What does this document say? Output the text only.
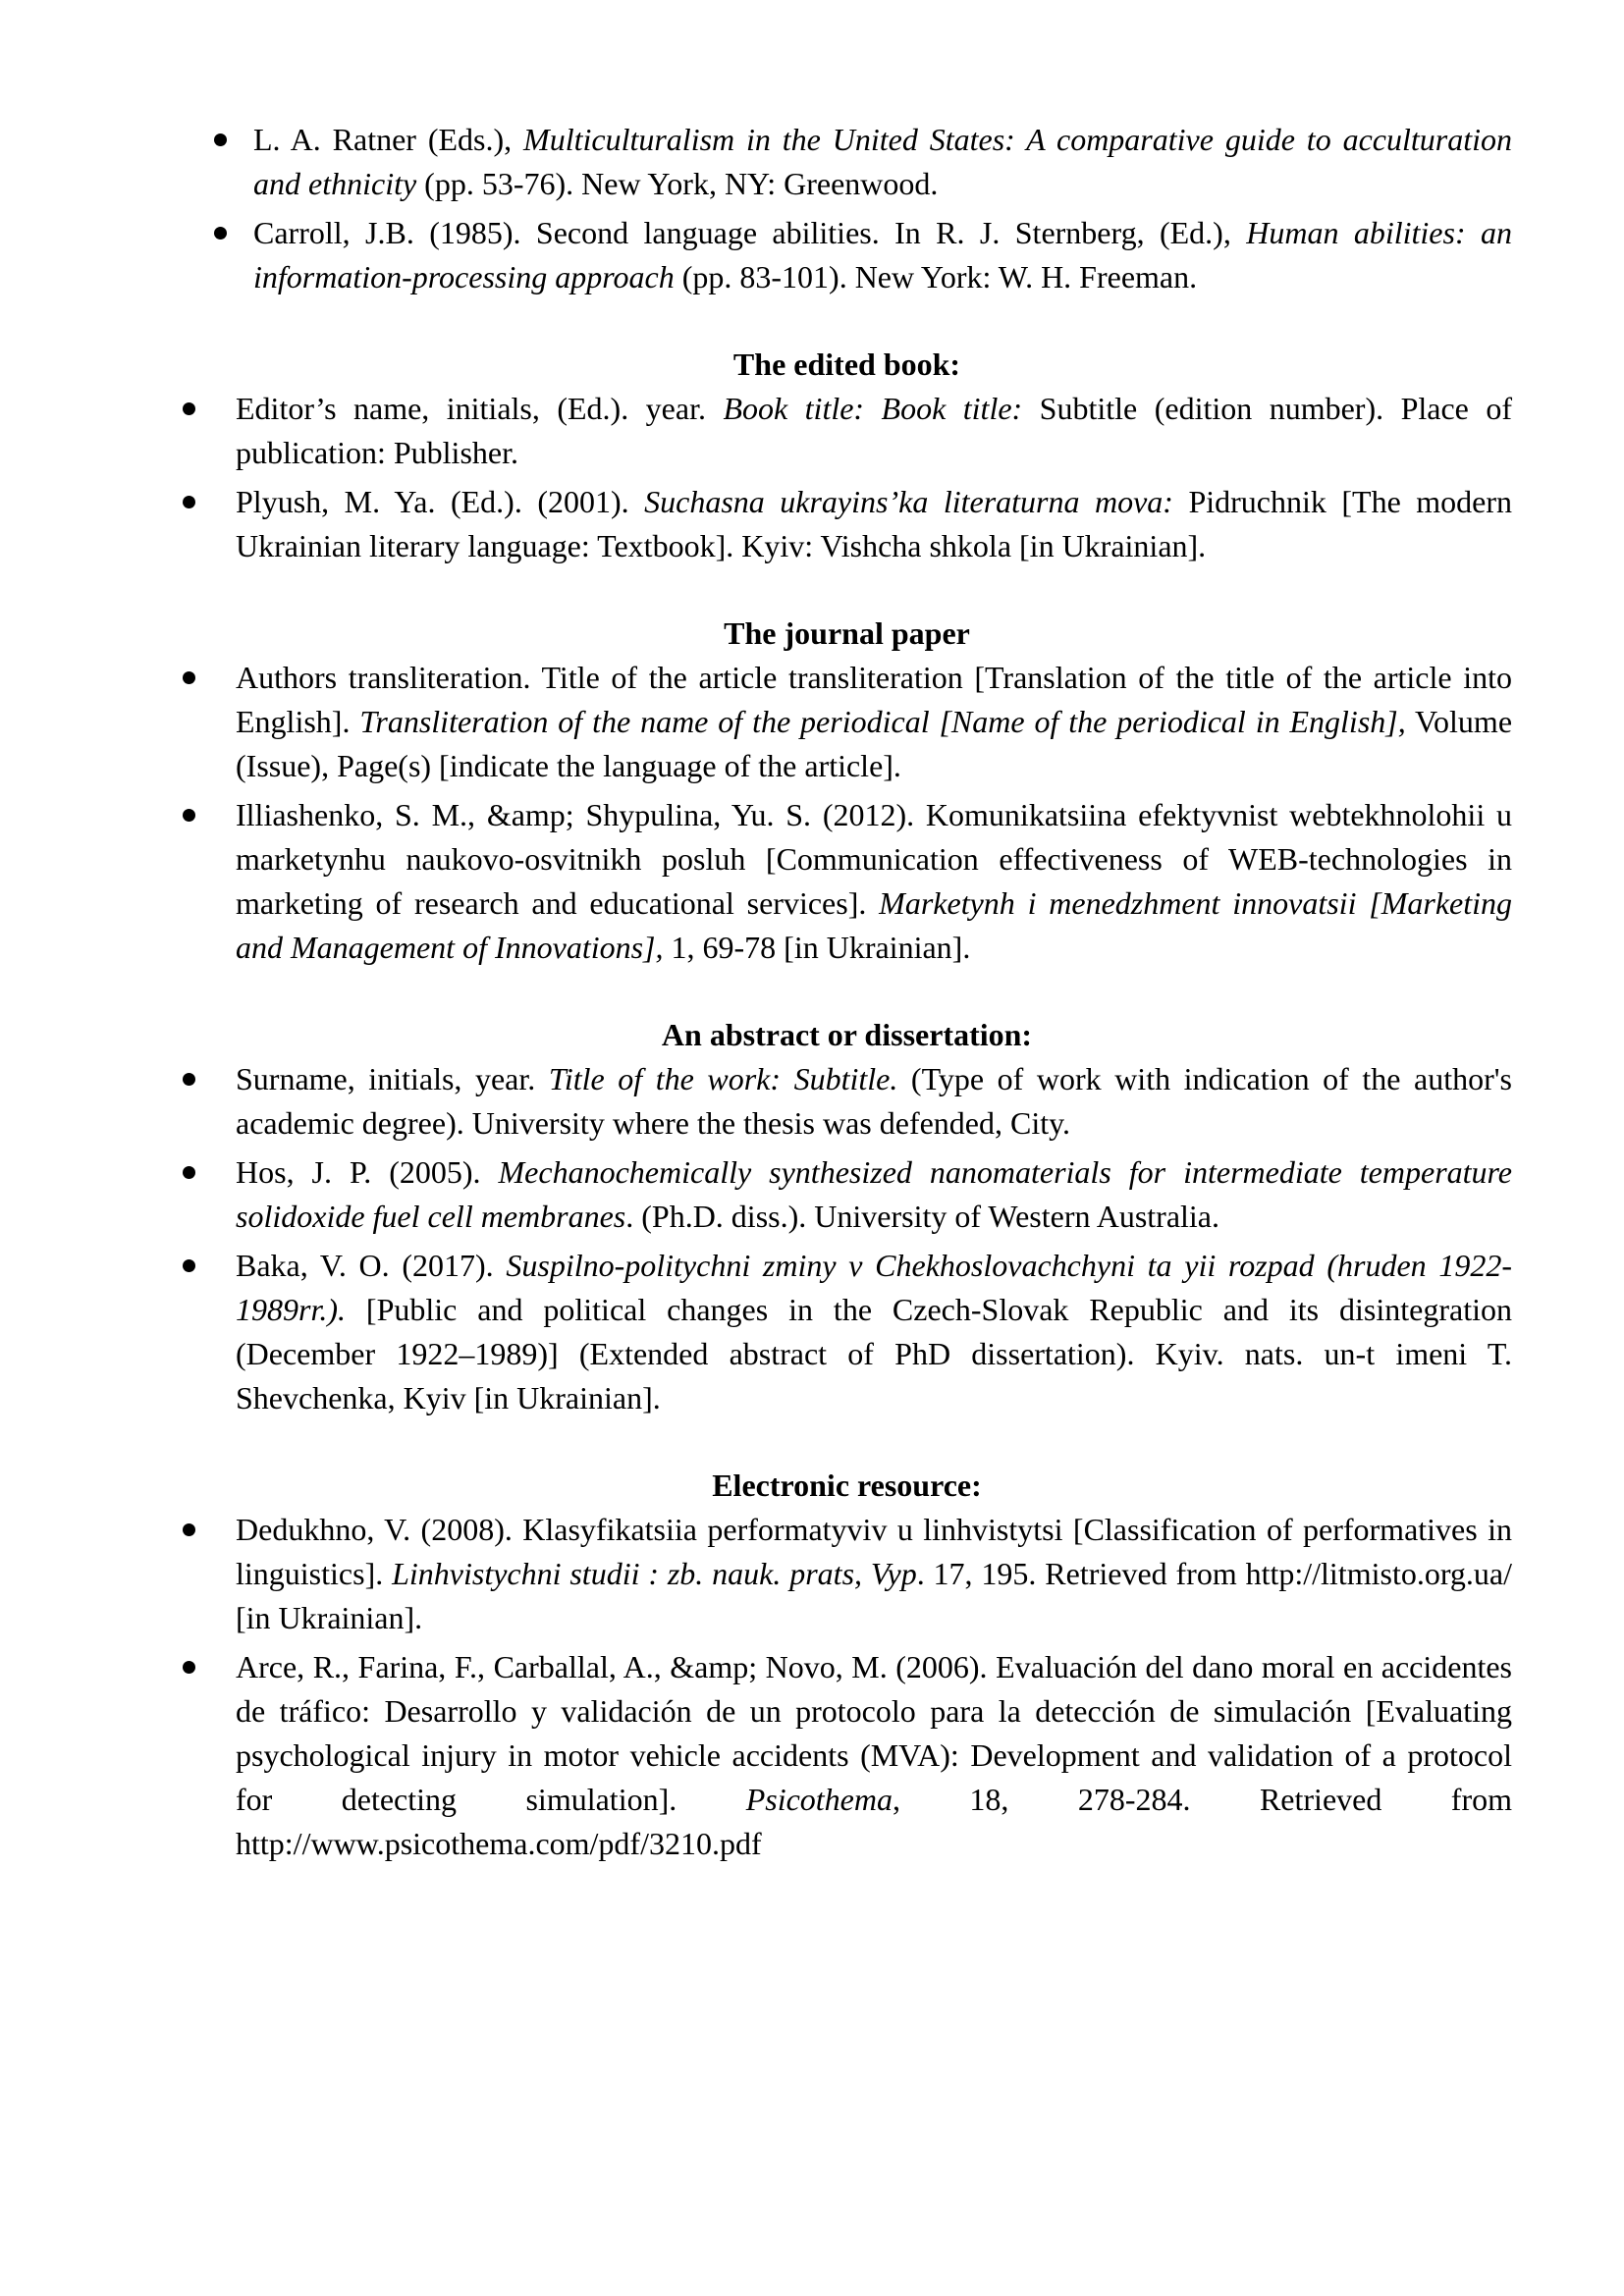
L. A. Ratner (Eds.), Multiculturalism in the United States: A comparative guide to acculturation and ethnicity (pp. 53-76). New York, NY: Greenwood.
Carroll, J.B. (1985). Second language abilities. In R. J. Sternberg, (Ed.), Human abilities: an information-processing approach (pp. 83-101). New York: W. H. Freeman.
The edited book:
Editor’s name, initials, (Ed.). year. Book title: Book title: Subtitle (edition number). Place of publication: Publisher.
Plyush, M. Ya. (Ed.). (2001). Suchasna ukrayins’ka literaturna mova: Pidruchnik [The modern Ukrainian literary language: Textbook]. Kyiv: Vishcha shkola [in Ukrainian].
The journal paper
Authors transliteration. Title of the article transliteration [Translation of the title of the article into English]. Transliteration of the name of the periodical [Name of the periodical in English], Volume (Issue), Page(s) [indicate the language of the article].
Illiashenko, S. M., &amp; Shypulina, Yu. S. (2012). Komunikatsiina efektyvnist webtekhnolohii u marketynhu naukovo-osvitnikh posluh [Communication effectiveness of WEB-technologies in marketing of research and educational services]. Marketynh i menedzhment innovatsii [Marketing and Management of Innovations], 1, 69-78 [in Ukrainian].
An abstract or dissertation:
Surname, initials, year. Title of the work: Subtitle. (Type of work with indication of the author's academic degree). University where the thesis was defended, City.
Hos, J. P. (2005). Mechanochemically synthesized nanomaterials for intermediate temperature solidoxide fuel cell membranes. (Ph.D. diss.). University of Western Australia.
Baka, V. O. (2017). Suspilno-politychni zminy v Chekhoslovachchyni ta yii rozpad (hruden 1922-1989rr.). [Public and political changes in the Czech-Slovak Republic and its disintegration (December 1922–1989)] (Extended abstract of PhD dissertation). Kyiv. nats. un-t imeni T. Shevchenka, Kyiv [in Ukrainian].
Electronic resource:
Dedukhno, V. (2008). Klasyfikatsiia performatyviv u linhvistytsi [Classification of performatives in linguistics]. Linhvistychni studii : zb. nauk. prats, Vyp. 17, 195. Retrieved from http://litmisto.org.ua/ [in Ukrainian].
Arce, R., Farina, F., Carballal, A., &amp; Novo, M. (2006). Evaluación del dano moral en accidentes de tráfico: Desarrollo y validación de un protocolo para la detección de simulación [Evaluating psychological injury in motor vehicle accidents (MVA): Development and validation of a protocol for detecting simulation]. Psicothema, 18, 278-284. Retrieved from http://www.psicothema.com/pdf/3210.pdf
